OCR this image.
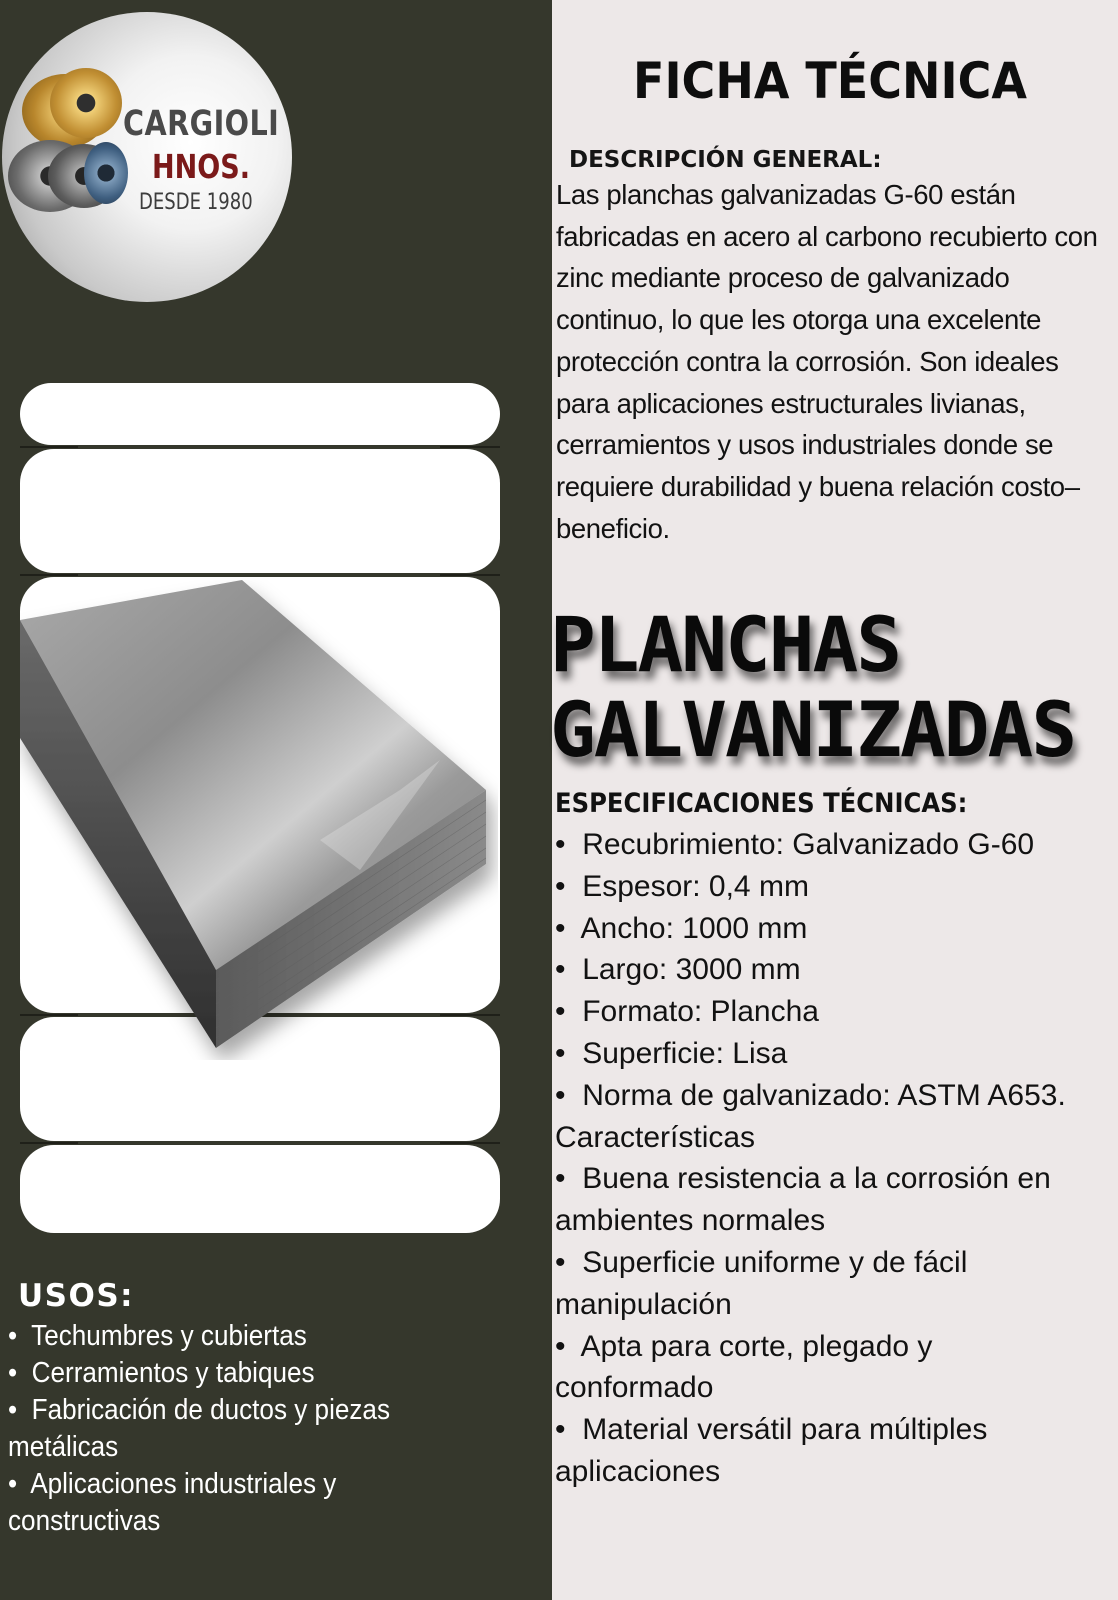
CARGIOLI
HNOS.
DESDE 1980
USOS:
•  Techumbres y cubiertas
•  Cerramientos y tabiques
•  Fabricación de ductos y piezas metálicas
•  Aplicaciones industriales y constructivas
FICHA TÉCNICA
DESCRIPCIÓN GENERAL:

Las planchas galvanizadas G-60 están fabricadas en acero al carbono recubierto con zinc mediante proceso de galvanizado continuo, lo que les otorga una excelente protección contra la corrosión. Son ideales para aplicaciones estructurales livianas, cerramientos y usos industriales donde se requiere durabilidad y buena relación costo–beneficio.

PLANCHAS
GALVANIZADAS
ESPECIFICACIONES TÉCNICAS:
•  Recubrimiento: Galvanizado G-60
•  Espesor: 0,4 mm
•  Ancho: 1000 mm
•  Largo: 3000 mm
•  Formato: Plancha
•  Superficie: Lisa
•  Norma de galvanizado: ASTM A653.
Características
•  Buena resistencia a la corrosión en ambientes normales
•  Superficie uniforme y de fácil manipulación
•  Apta para corte, plegado y conformado
•  Material versátil para múltiples aplicaciones
